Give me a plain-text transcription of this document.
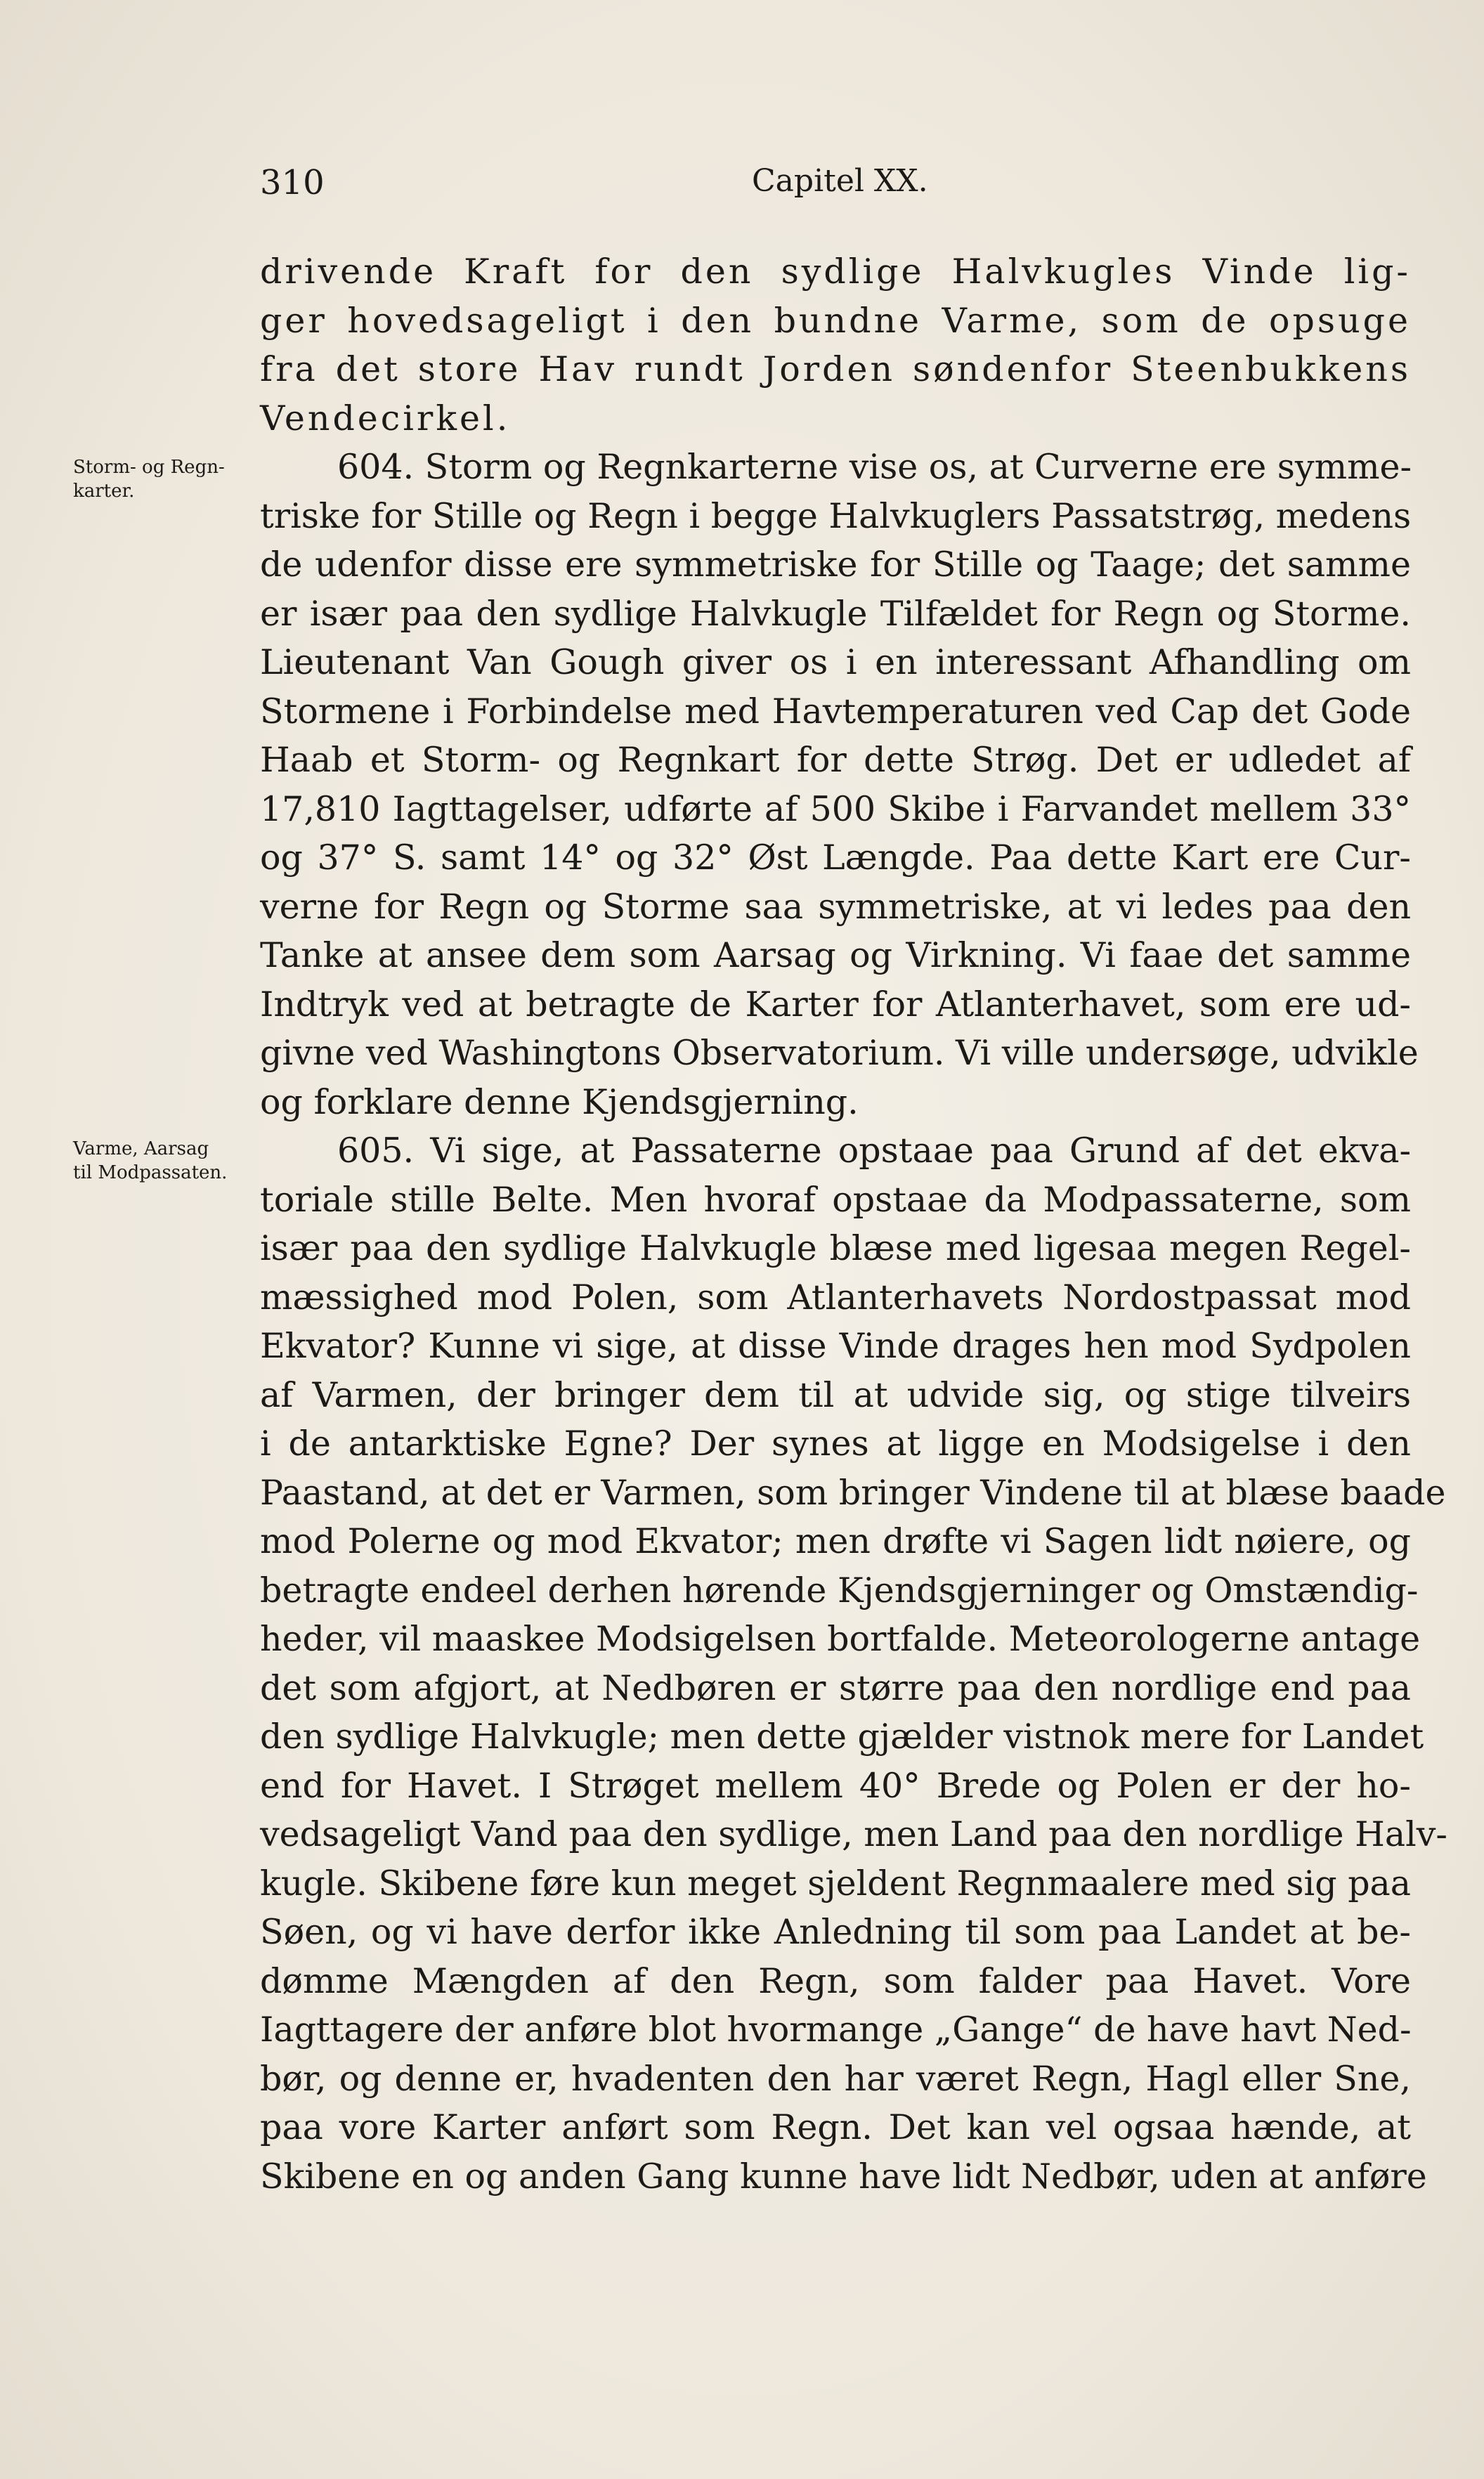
310	Capitel XX.
Storm- og Regn-
karter.
Varme, Aarsag
til Modpassaten.
drivende Kraft for den sydlige Halvkugles Vinde lig-
ger hovedsageligt i den bundne Varme, som de opsuge
fra det store Hav rundt Jorden søndenfor Steenbukkens
Vendecirkel.
604. Storm og Regnkarterne vise os, at Curverne ere symme-
triske for Stille og Regn i begge Halvkuglers Passatstrøg, medens
de udenfor disse ere symmetriske for Stille og Taage; det samme
er især paa den sydlige Halvkugle Tilfældet for Regn og Storme.
Lieutenant Van Gough giver os i en interessant Afhandling om
Stormene i Forbindelse med Havtemperaturen ved Cap det Gode
Haab et Storm- og Regnkart for dette Strøg. Det er udledet af
17,810 Iagttagelser, udførte af 500 Skibe i Farvandet mellem 33°
og 37° S. samt 14° og 32° Øst Længde. Paa dette Kart ere Cur-
verne for Regn og Storme saa symmetriske, at vi ledes paa den
Tanke at ansee dem som Aarsag og Virkning. Vi faae det samme
Indtryk ved at betragte de Karter for Atlanterhavet, som ere ud-
givne ved Washingtons Observatorium. Vi ville undersøge, udvikle
og forklare denne Kjendsgjerning.
605. Vi sige, at Passaterne opstaae paa Grund af det ekva-
toriale stille Belte. Men hvoraf opstaae da Modpassaterne, som
især paa den sydlige Halvkugle blæse med ligesaa megen Regel-
mæssighed mod Polen, som Atlanterhavets Nordostpassat mod
Ekvator? Kunne vi sige, at disse Vinde drages hen mod Sydpolen
af Varmen, der bringer dem til at udvide sig, og stige tilveirs
i de antarktiske Egne? Der synes at ligge en Modsigelse i den
Paastand, at det er Varmen, som bringer Vindene til at blæse baade
mod Polerne og mod Ekvator; men drøfte vi Sagen lidt nøiere, og
betragte endeel derhen hørende Kjendsgjerninger og Omstændig-
heder, vil maaskee Modsigelsen bortfalde. Meteorologerne antage
det som afgjort, at Nedbøren er større paa den nordlige end paa
den sydlige Halvkugle; men dette gjælder vistnok mere for Landet
end for Havet. I Strøget mellem 40° Brede og Polen er der ho-
vedsageligt Vand paa den sydlige, men Land paa den nordlige Halv-
kugle. Skibene føre kun meget sjeldent Regnmaalere med sig paa
Søen, og vi have derfor ikke Anledning til som paa Landet at be-
dømme Mængden af den Regn, som falder paa Havet. Vore
Iagttagere der anføre blot hvormange „Gange“ de have havt Ned-
bør, og denne er, hvadenten den har været Regn, Hagl eller Sne,
paa vore Karter anført som Regn. Det kan vel ogsaa hænde, at
Skibene en og anden Gang kunne have lidt Nedbør, uden at anføre
